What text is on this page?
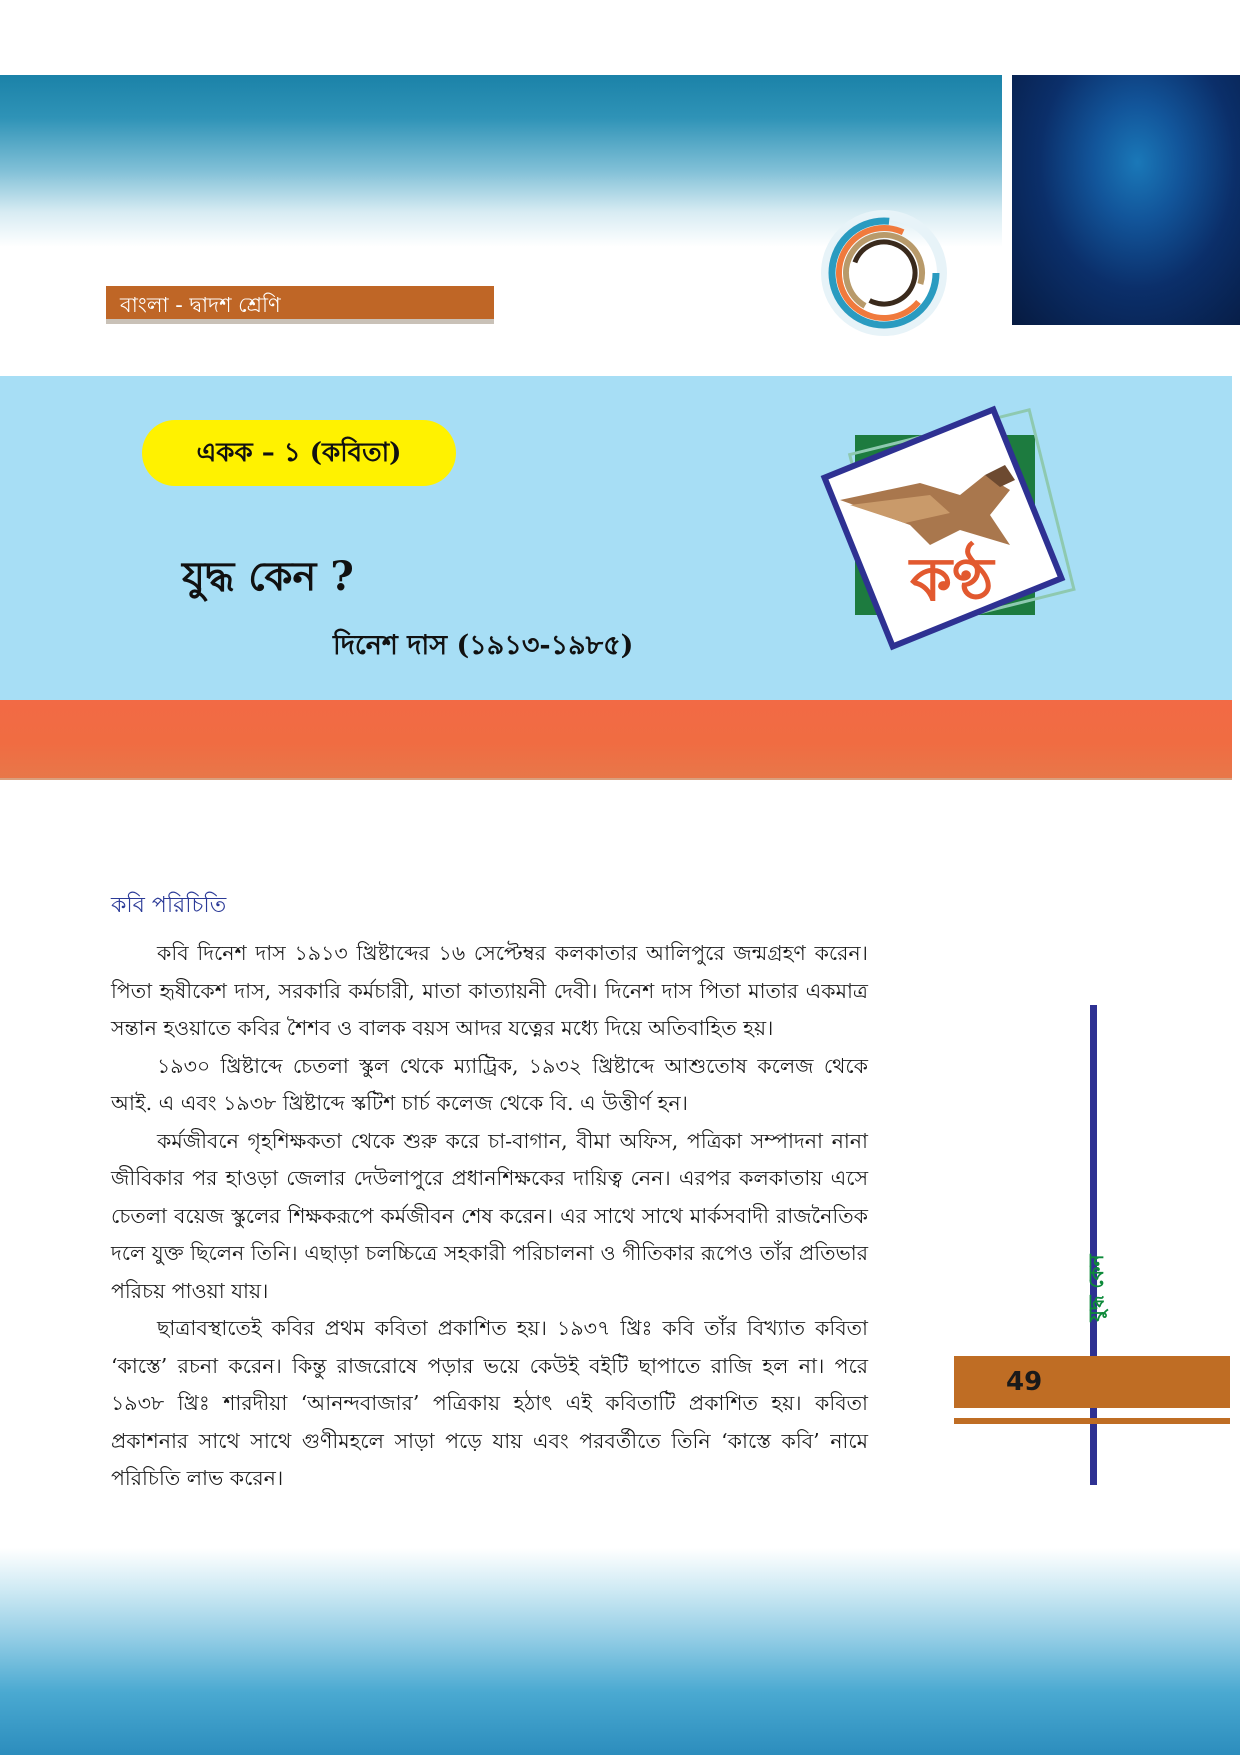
বাংলা - দ্বাদশ শ্রেণি
একক – ১ (কবিতা)
যুদ্ধ কেন ?
দিনেশ দাস (১৯১৩-১৯৮৫)
কণ্ঠ
কবি পরিচিতি

কবি দিনেশ দাস ১৯১৩ খ্রিষ্টাব্দের ১৬ সেপ্টেম্বর কলকাতার আলিপুরে জন্মগ্রহণ করেন। পিতা হৃষীকেশ দাস, সরকারি কর্মচারী, মাতা কাত্যায়নী দেবী। দিনেশ দাস পিতা মাতার একমাত্র সন্তান হওয়াতে কবির শৈশব ও বালক বয়স আদর যত্নের মধ্যে দিয়ে অতিবাহিত হয়।

১৯৩০ খ্রিষ্টাব্দে চেতলা স্কুল থেকে ম্যাট্রিক, ১৯৩২ খ্রিষ্টাব্দে আশুতোষ কলেজ থেকে আই. এ এবং ১৯৩৮ খ্রিষ্টাব্দে স্কটিশ চার্চ কলেজ থেকে বি. এ উত্তীর্ণ হন।

কর্মজীবনে গৃহশিক্ষকতা থেকে শুরু করে চা-বাগান, বীমা অফিস, পত্রিকা সম্পাদনা নানা জীবিকার পর হাওড়া জেলার দেউলাপুরে প্রধানশিক্ষকের দায়িত্ব নেন। এরপর কলকাতায় এসে চেতলা বয়েজ স্কুলের শিক্ষকরূপে কর্মজীবন শেষ করেন। এর সাথে সাথে মার্কসবাদী রাজনৈতিক দলে যুক্ত ছিলেন তিনি। এছাড়া চলচ্চিত্রে সহকারী পরিচালনা ও গীতিকার রূপেও তাঁর প্রতিভার পরিচয় পাওয়া যায়।

ছাত্রাবস্থাতেই কবির প্রথম কবিতা প্রকাশিত হয়। ১৯৩৭ খ্রিঃ কবি তাঁর বিখ্যাত কবিতা ‘কাস্তে’ রচনা করেন। কিন্তু রাজরোষে পড়ার ভয়ে কেউই বইটি ছাপাতে রাজি হল না। পরে ১৯৩৮ খ্রিঃ শারদীয়া ‘আনন্দবাজার’ পত্রিকায় হঠাৎ এই কবিতাটি প্রকাশিত হয়। কবিতা প্রকাশনার সাথে সাথে গুণীমহলে সাড়া পড়ে যায় এবং পরবর্তীতে তিনি ‘কাস্তে কবি’ নামে পরিচিতি লাভ করেন।

যুদ্ধ কেন
49
